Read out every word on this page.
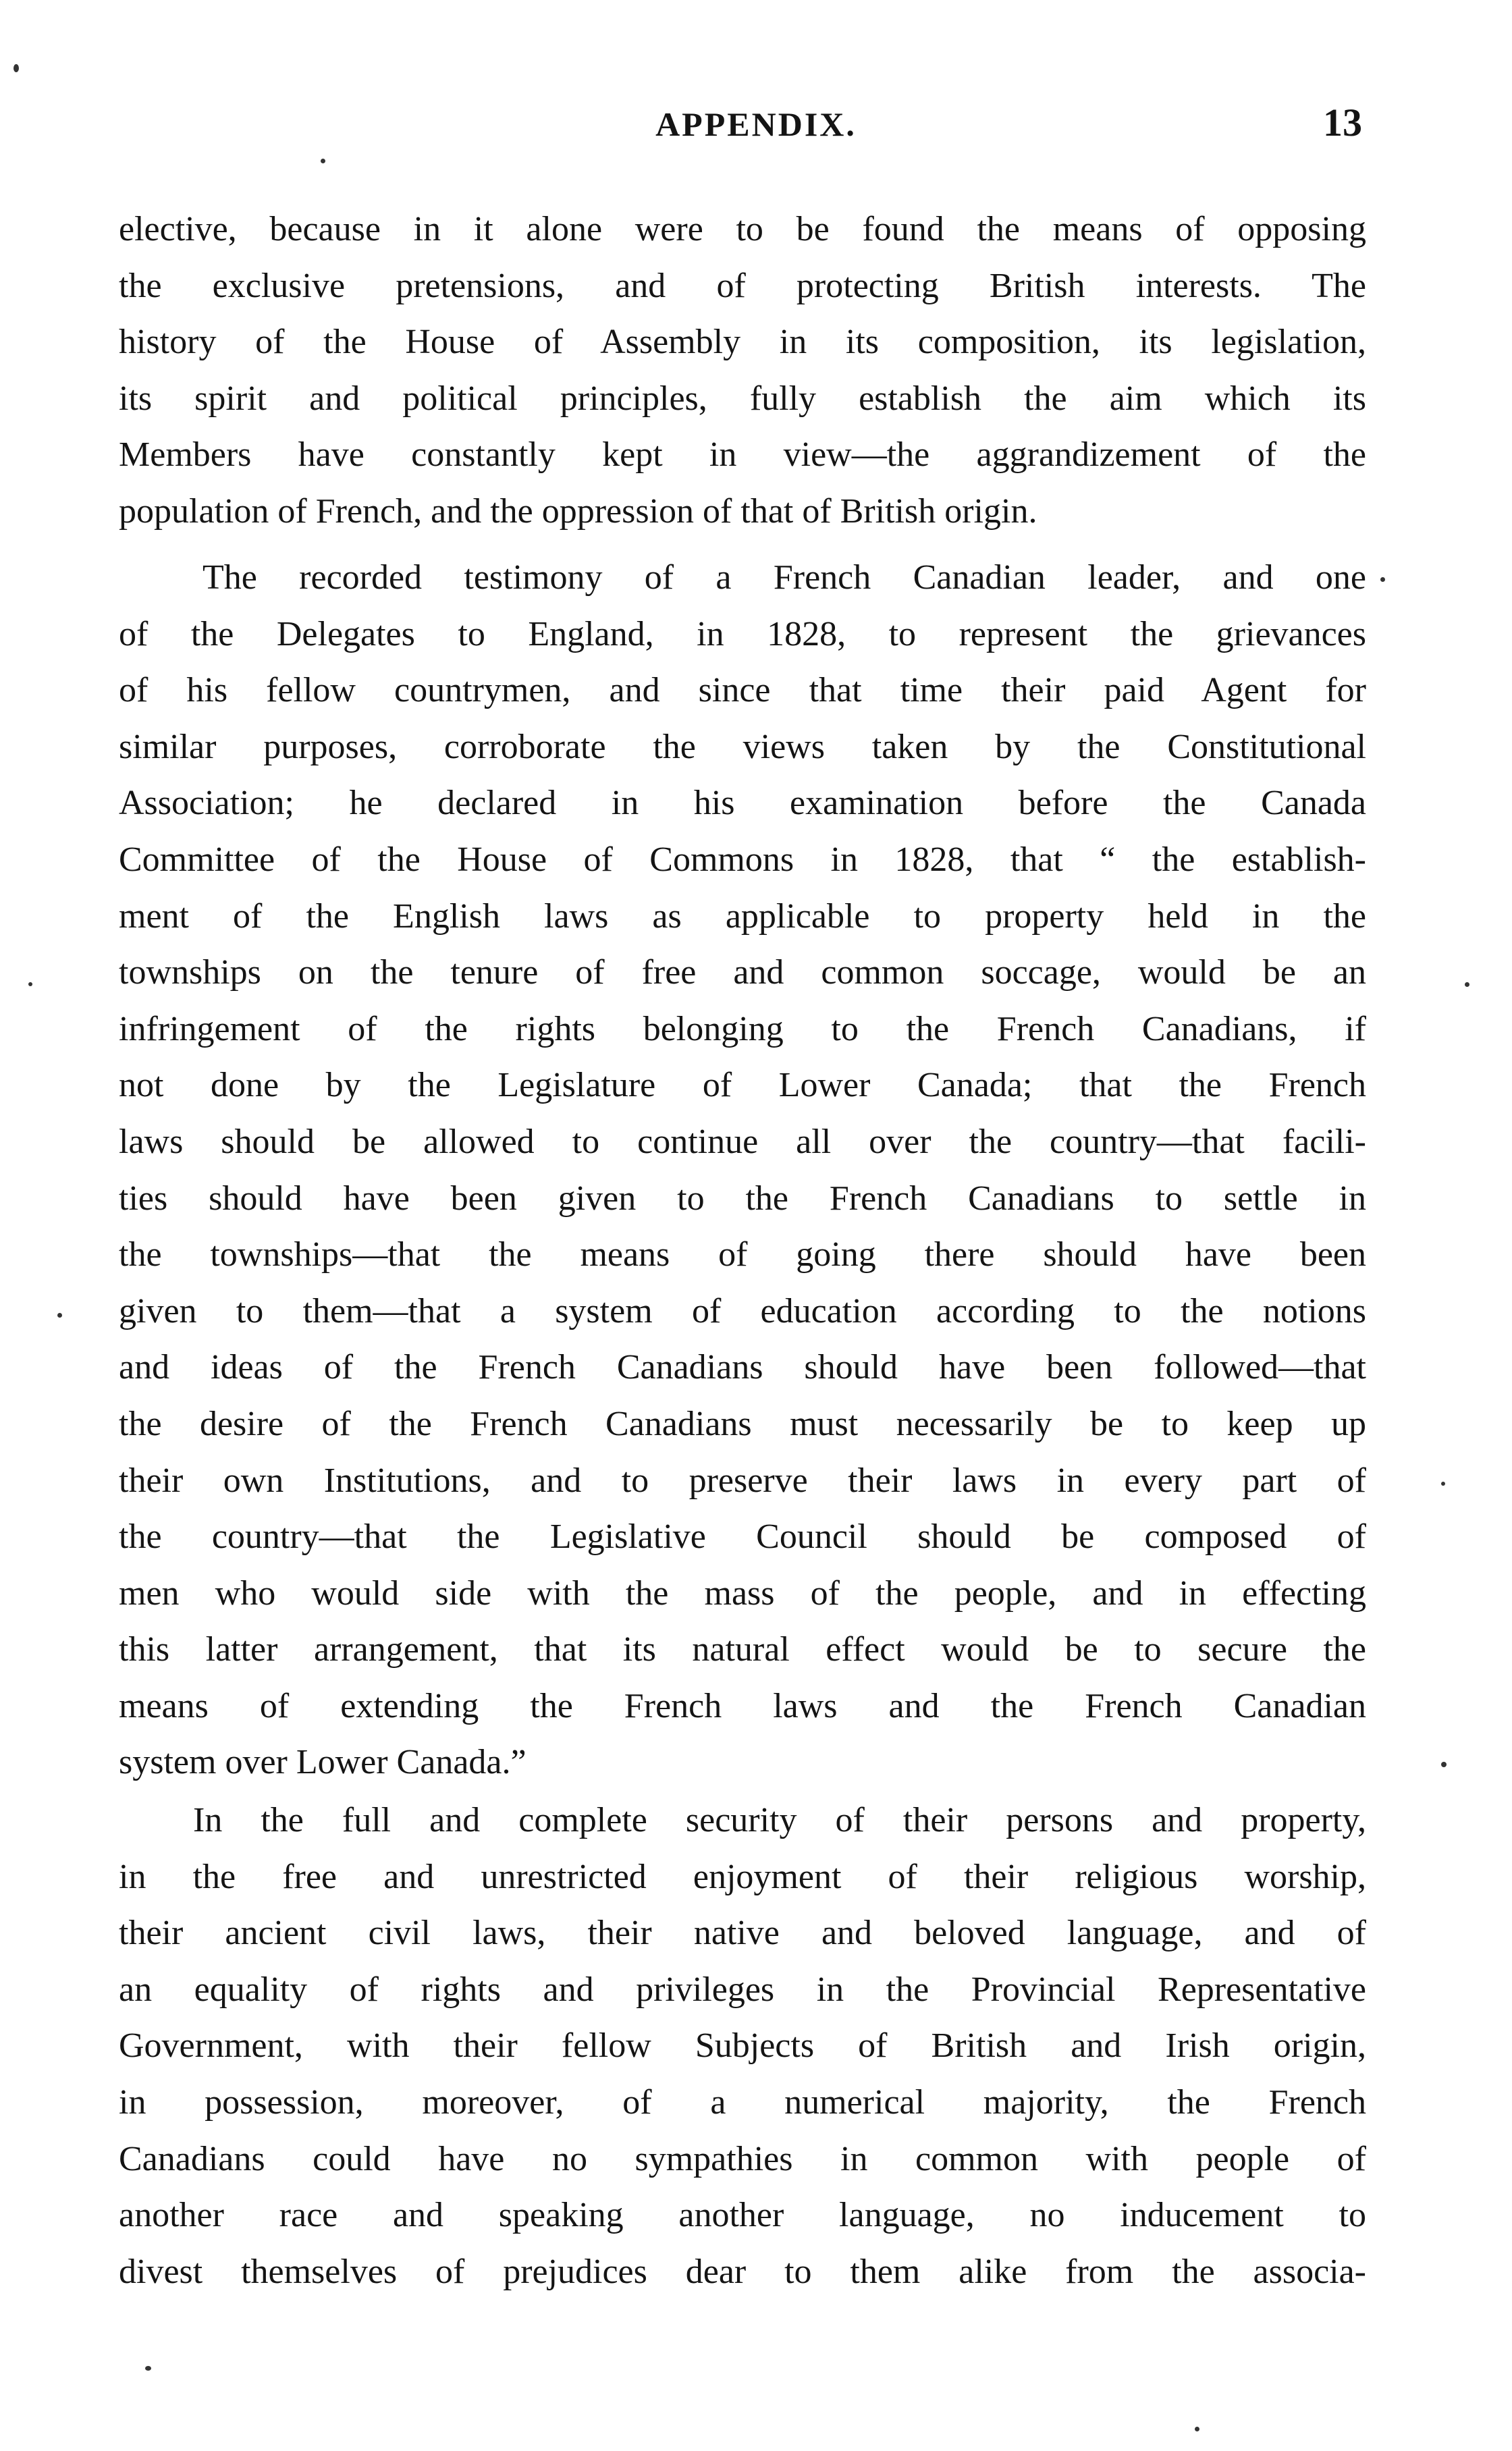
APPENDIX.	13
elective, because in it alone were to be found the means of opposing
the exclusive pretensions, and of protecting British interests. The
history of the House of Assembly in its composition, its legislation,
its spirit and political principles, fully establish the aim which its
Members have constantly kept in view—the aggrandizement of the
population of French, and the oppression of that of British origin.
The recorded testimony of a French Canadian leader, and one
of the Delegates to England, in 1828, to represent the grievances
of his fellow countrymen, and since that time their paid Agent for
similar purposes, corroborate the views taken by the Constitutional
Association; he declared in his examination before the Canada
Committee of the House of Commons in 1828, that “ the establish-
ment of the English laws as applicable to property held in the
townships on the tenure of free and common soccage, would be an
infringement of the rights belonging to the French Canadians, if
not done by the Legislature of Lower Canada; that the French
laws should be allowed to continue all over the country—that facili-
ties should have been given to the French Canadians to settle in
the townships—that the means of going there should have been
given to them—that a system of education according to the notions
and ideas of the French Canadians should have been followed—that
the desire of the French Canadians must necessarily be to keep up
their own Institutions, and to preserve their laws in every part of
the country—that the Legislative Council should be composed of
men who would side with the mass of the people, and in effecting
this latter arrangement, that its natural effect would be to secure the
means of extending the French laws and the French Canadian
system over Lower Canada.”
In the full and complete security of their persons and property,
in the free and unrestricted enjoyment of their religious worship,
their ancient civil laws, their native and beloved language, and of
an equality of rights and privileges in the Provincial Representative
Government, with their fellow Subjects of British and Irish origin,
in possession, moreover, of a numerical majority, the French
Canadians could have no sympathies in common with people of
another race and speaking another language, no inducement to
divest themselves of prejudices dear to them alike from the associa-
